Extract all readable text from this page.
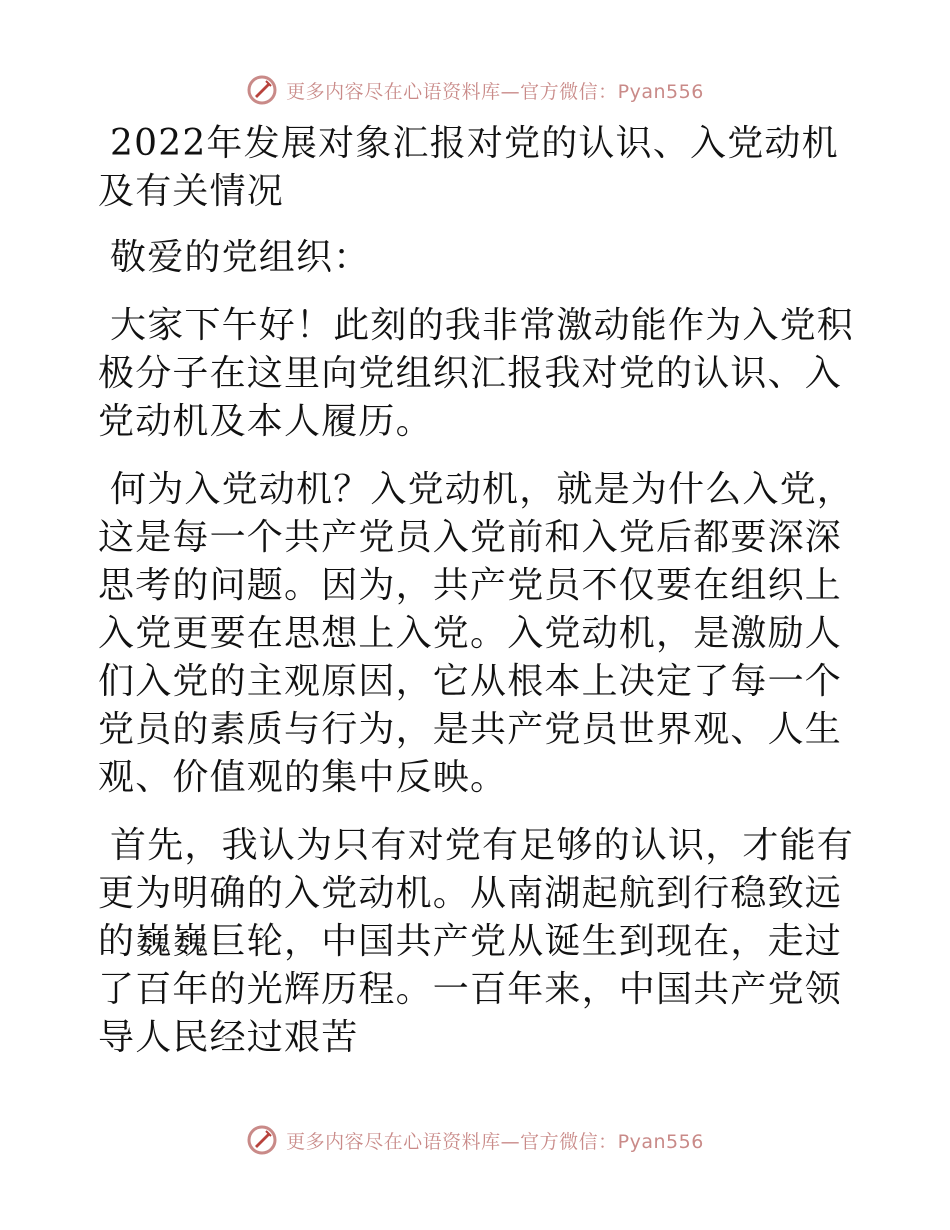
更多内容尽在心语资料库—官方微信：Pyan556

2022年发展对象汇报对党的认识、入党动机及有关情况

敬爱的党组织：

大家下午好！此刻的我非常激动能作为入党积极分子在这里向党组织汇报我对党的认识、入党动机及本人履历。

何为入党动机？入党动机，就是为什么入党，这是每一个共产党员入党前和入党后都要深深思考的问题。因为，共产党员不仅要在组织上入党更要在思想上入党。入党动机，是激励人们入党的主观原因，它从根本上决定了每一个党员的素质与行为，是共产党员世界观、人生观、价值观的集中反映。

首先，我认为只有对党有足够的认识，才能有更为明确的入党动机。从南湖起航到行稳致远的巍巍巨轮，中国共产党从诞生到现在，走过了百年的光辉历程。一百年来，中国共产党领导人民经过艰苦

更多内容尽在心语资料库—官方微信：Pyan556
